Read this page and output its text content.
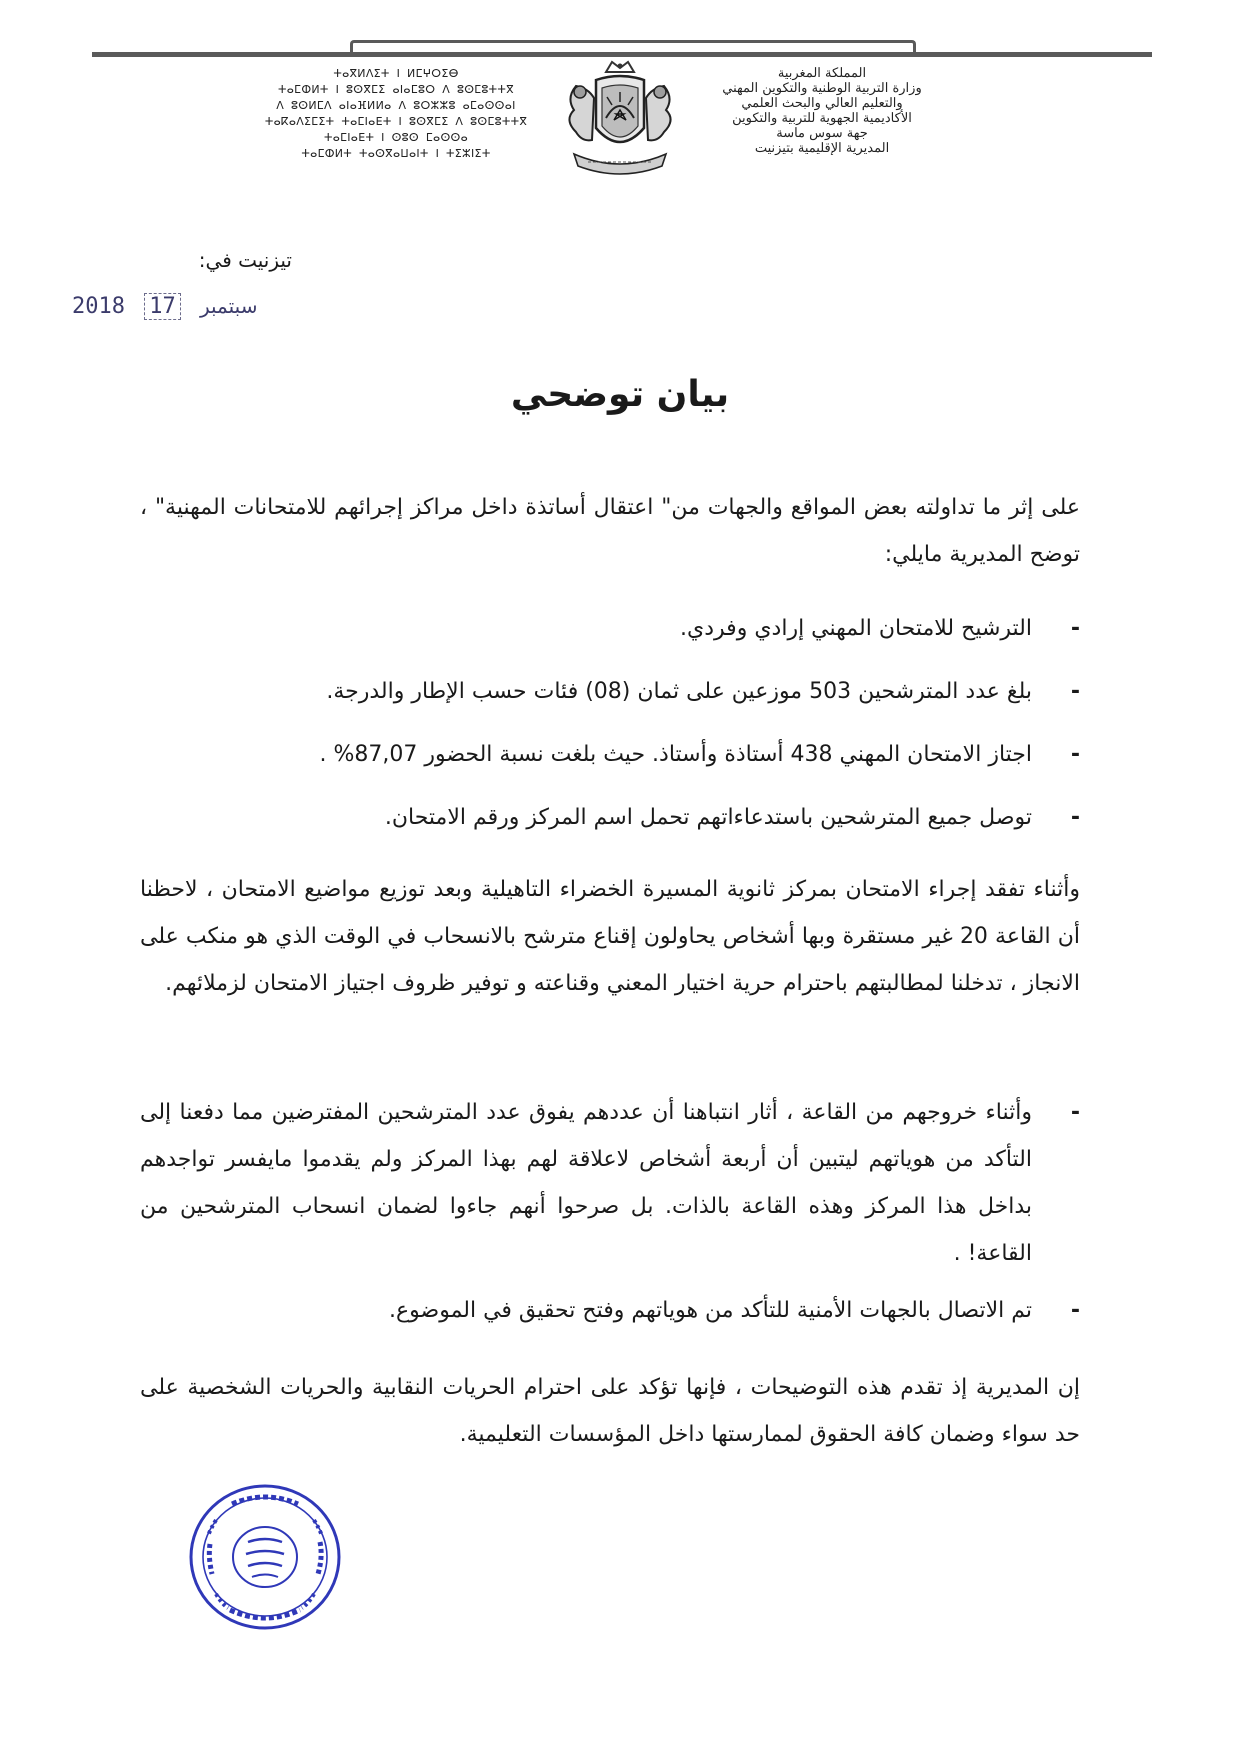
ⵜⴰⴳⵍⴷⵉⵜ ⵏ ⵍⵎⵖⵔⵉⴱ
ⵜⴰⵎⵀⵍⵜ ⵏ ⵓⵙⴳⵎⵉ ⴰⵏⴰⵎⵓⵔ ⴷ ⵓⵙⵎⵓⵜⵜⴳ
ⴷ ⵓⵙⵍⵎⴷ ⴰⵏⴰⴼⵍⵍⴰ ⴷ ⵓⵔⵣⵣⵓ ⴰⵎⴰⵙⵙⴰⵏ
ⵜⴰⴽⴰⴷⵉⵎⵉⵜ ⵜⴰⵎⵏⴰⴹⵜ ⵏ ⵓⵙⴳⵎⵉ ⴷ ⵓⵙⵎⵓⵜⵜⴳ
ⵜⴰⵎⵏⴰⴹⵜ ⵏ ⵙⵓⵙ ⵎⴰⵙⵙⴰ
ⵜⴰⵎⵀⵍⵜ ⵜⴰⵙⴳⴰⵡⴰⵏⵜ ⵏ ⵜⵉⵣⵏⵉⵜ
المملكة المغربية
وزارة التربية الوطنية والتكوين المهني
والتعليم العالي والبحث العلمي
الأكاديمية الجهوية للتربية والتكوين
جهة سوس ماسة
المديرية الإقليمية بتيزنيت
تيزنيت في:
2018	سبتمبر 17
بيان توضحي
على إثر ما تداولته بعض المواقع والجهات من" اعتقال أساتذة داخل مراكز إجرائهم للامتحانات المهنية" ، توضح المديرية مايلي:
-
الترشيح للامتحان المهني إرادي وفردي.
-
بلغ عدد المترشحين 503 موزعين على ثمان (08) فئات حسب الإطار والدرجة.
-
اجتاز الامتحان المهني 438 أستاذة وأستاذ. حيث بلغت نسبة الحضور 87,07% .
-
توصل جميع المترشحين باستدعاءاتهم تحمل اسم المركز ورقم الامتحان.
وأثناء تفقد إجراء الامتحان بمركز ثانوية المسيرة الخضراء التاهيلية وبعد توزيع مواضيع الامتحان ، لاحظنا أن القاعة 20 غير مستقرة وبها أشخاص يحاولون إقناع مترشح بالانسحاب في الوقت الذي هو منكب على الانجاز ، تدخلنا لمطالبتهم باحترام حرية اختيار المعني وقناعته و توفير ظروف اجتياز الامتحان لزملائهم.
-
وأثناء خروجهم من القاعة ، أثار انتباهنا أن عددهم يفوق عدد المترشحين المفترضين مما دفعنا إلى التأكد من هوياتهم ليتبين أن أربعة أشخاص لاعلاقة لهم بهذا المركز ولم يقدموا مايفسر تواجدهم بداخل هذا المركز وهذه القاعة بالذات. بل صرحوا أنهم جاءوا لضمان انسحاب المترشحين من القاعة! .
-
تم الاتصال بالجهات الأمنية للتأكد من هوياتهم وفتح تحقيق في الموضوع.
إن المديرية إذ تقدم هذه التوضيحات ، فإنها تؤكد على احترام الحريات النقابية والحريات الشخصية على حد سواء وضمان كافة الحقوق لممارستها داخل المؤسسات التعليمية.
